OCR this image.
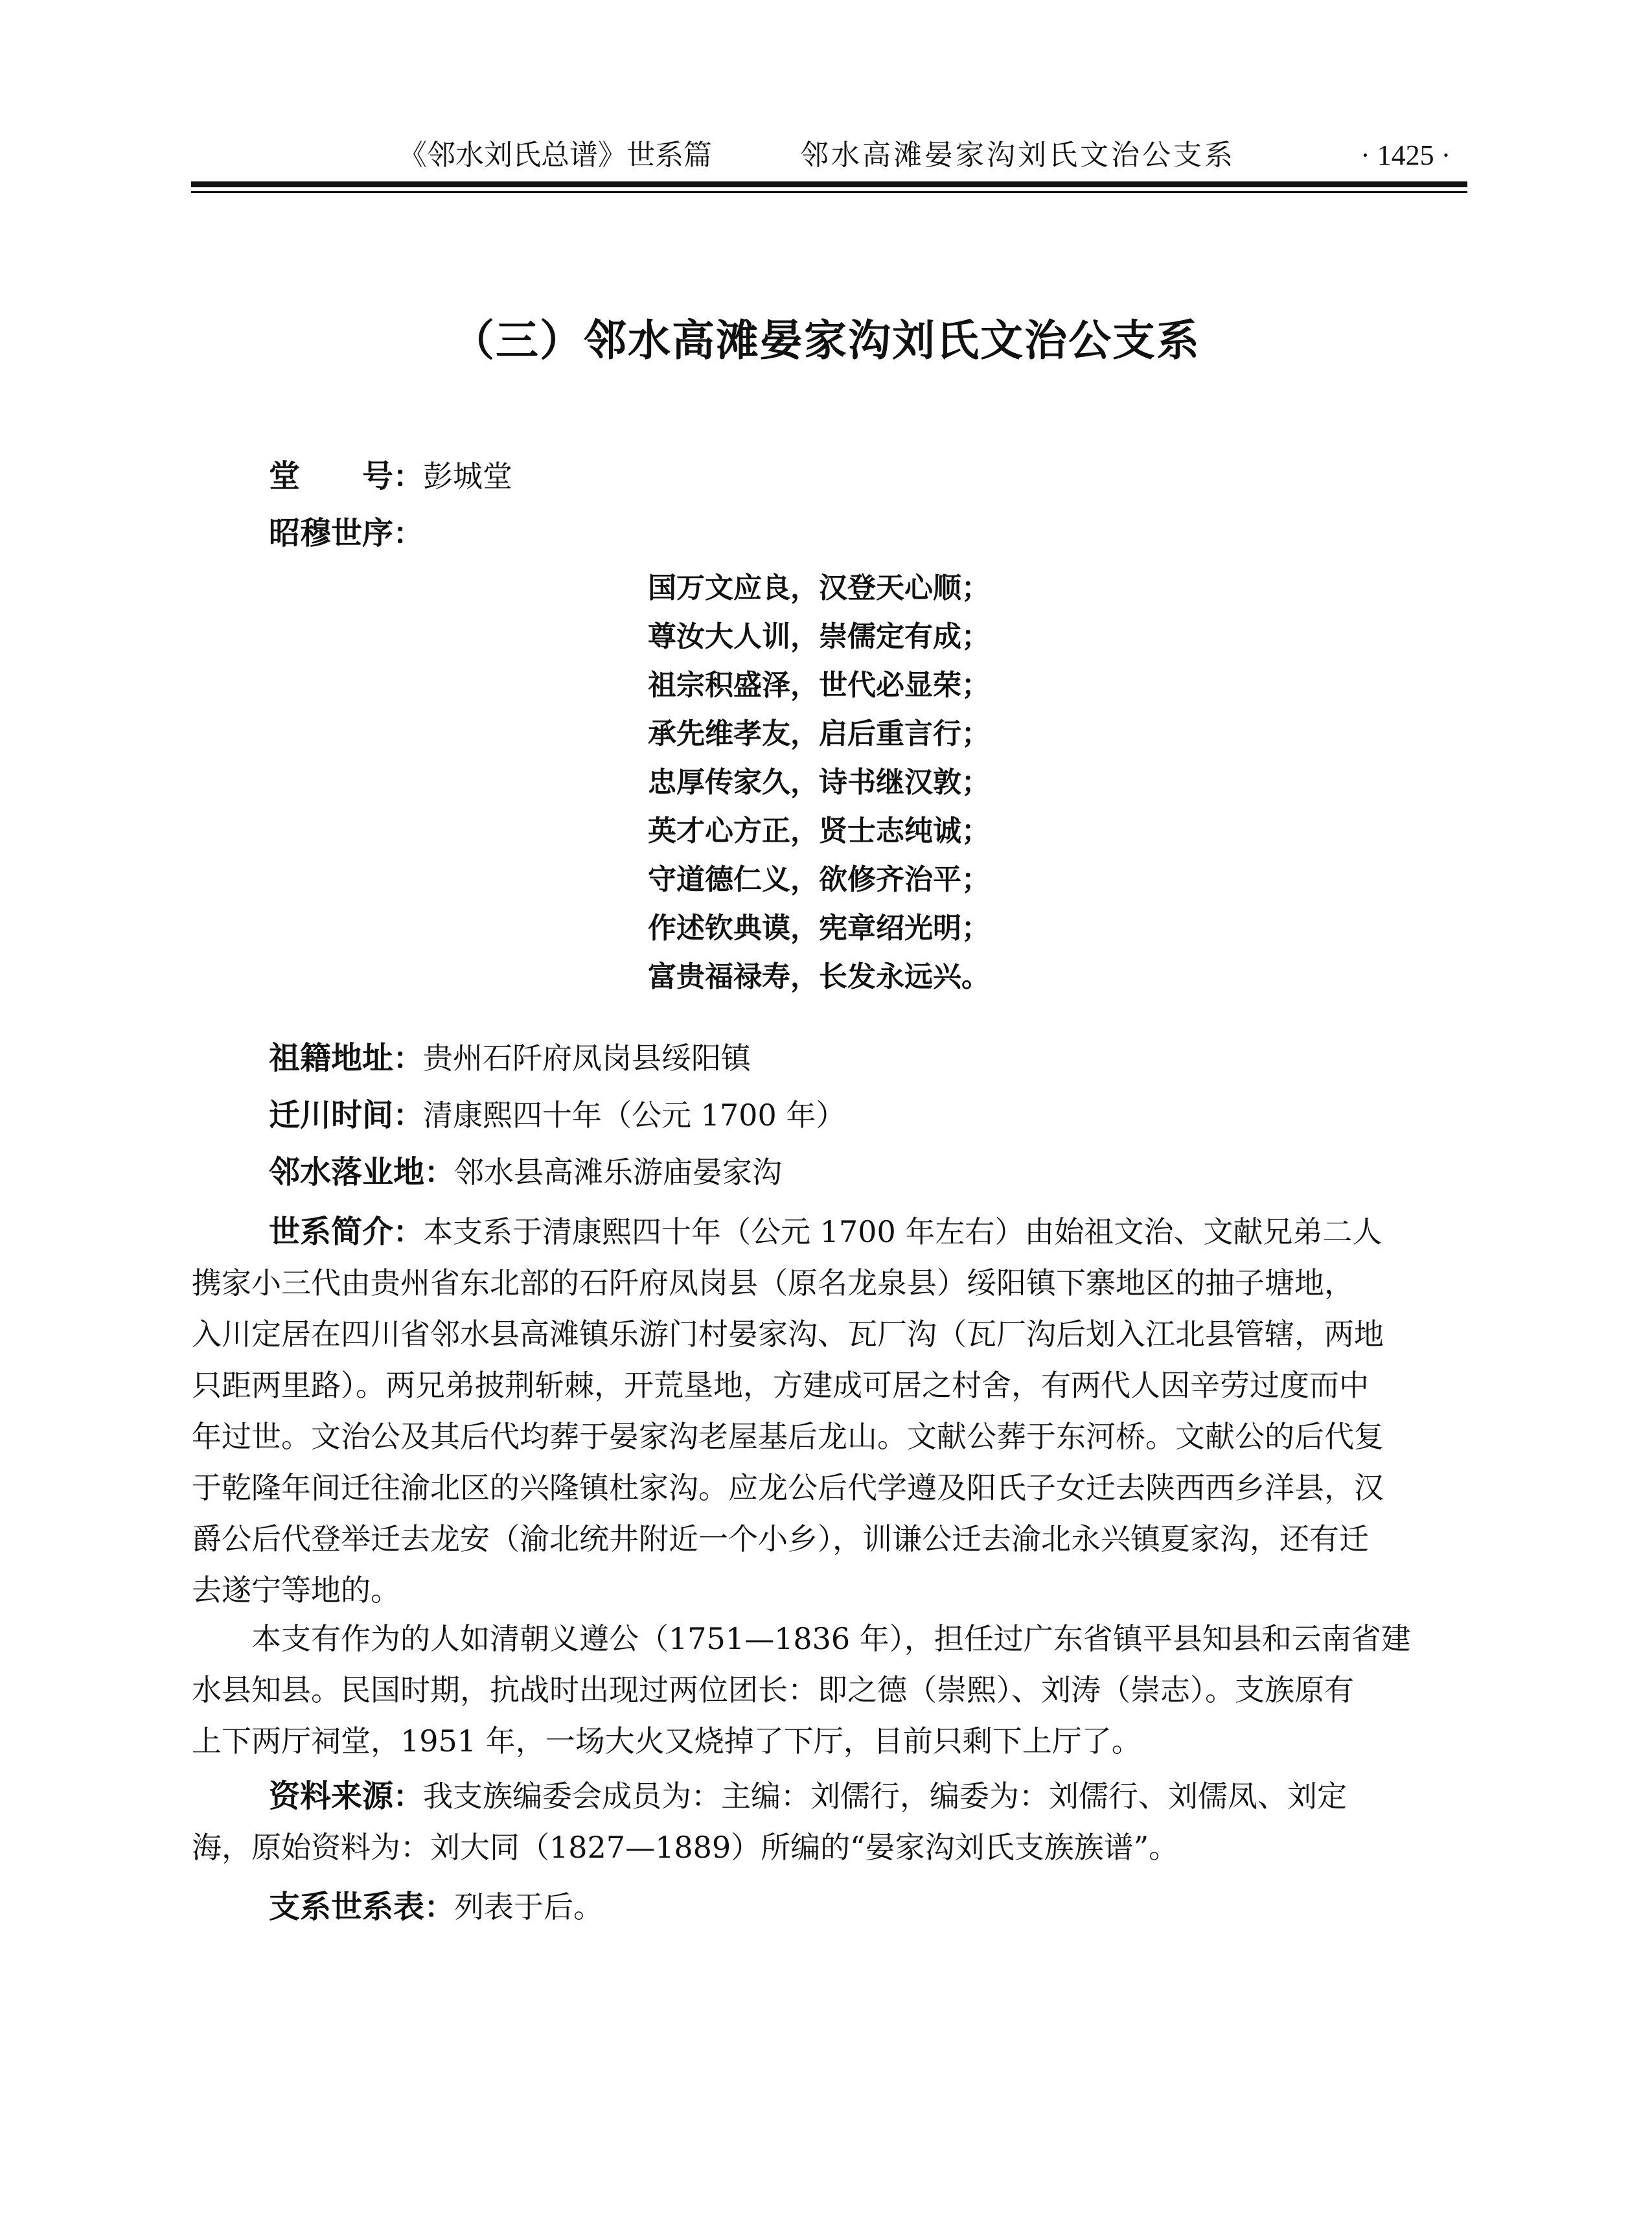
《邻水刘氏总谱》世系篇	邻水高滩晏家沟刘氏文治公支系	· 1425 ·
（三）邻水高滩晏家沟刘氏文治公支系
堂　　号：彭城堂
昭穆世序：
国万文应良，汉登天心顺；
尊汝大人训，崇儒定有成；
祖宗积盛泽，世代必显荣；
承先维孝友，启后重言行；
忠厚传家久，诗书继汉敦；
英才心方正，贤士志纯诚；
守道德仁义，欲修齐治平；
作述钦典谟，宪章绍光明；
富贵福禄寿，长发永远兴。
祖籍地址：贵州石阡府凤岗县绥阳镇
迁川时间：清康熙四十年（公元 1700 年）
邻水落业地：邻水县高滩乐游庙晏家沟
世系简介：本支系于清康熙四十年（公元 1700 年左右）由始祖文治、文献兄弟二人
携家小三代由贵州省东北部的石阡府凤岗县（原名龙泉县）绥阳镇下寨地区的抽子塘地，
入川定居在四川省邻水县高滩镇乐游门村晏家沟、瓦厂沟（瓦厂沟后划入江北县管辖，两地
只距两里路）。两兄弟披荆斩棘，开荒垦地，方建成可居之村舍，有两代人因辛劳过度而中
年过世。文治公及其后代均葬于晏家沟老屋基后龙山。文献公葬于东河桥。文献公的后代复
于乾隆年间迁往渝北区的兴隆镇杜家沟。应龙公后代学遵及阳氏子女迁去陕西西乡洋县，汉
爵公后代登举迁去龙安（渝北统井附近一个小乡），训谦公迁去渝北永兴镇夏家沟，还有迁
去遂宁等地的。
本支有作为的人如清朝义遵公（1751—1836 年），担任过广东省镇平县知县和云南省建
水县知县。民国时期，抗战时出现过两位团长：即之德（崇熙）、刘涛（崇志）。支族原有
上下两厅祠堂，1951 年，一场大火又烧掉了下厅，目前只剩下上厅了。
资料来源：我支族编委会成员为：主编：刘儒行，编委为：刘儒行、刘儒凤、刘定
海，原始资料为：刘大同（1827—1889）所编的“晏家沟刘氏支族族谱”。
支系世系表：列表于后。
